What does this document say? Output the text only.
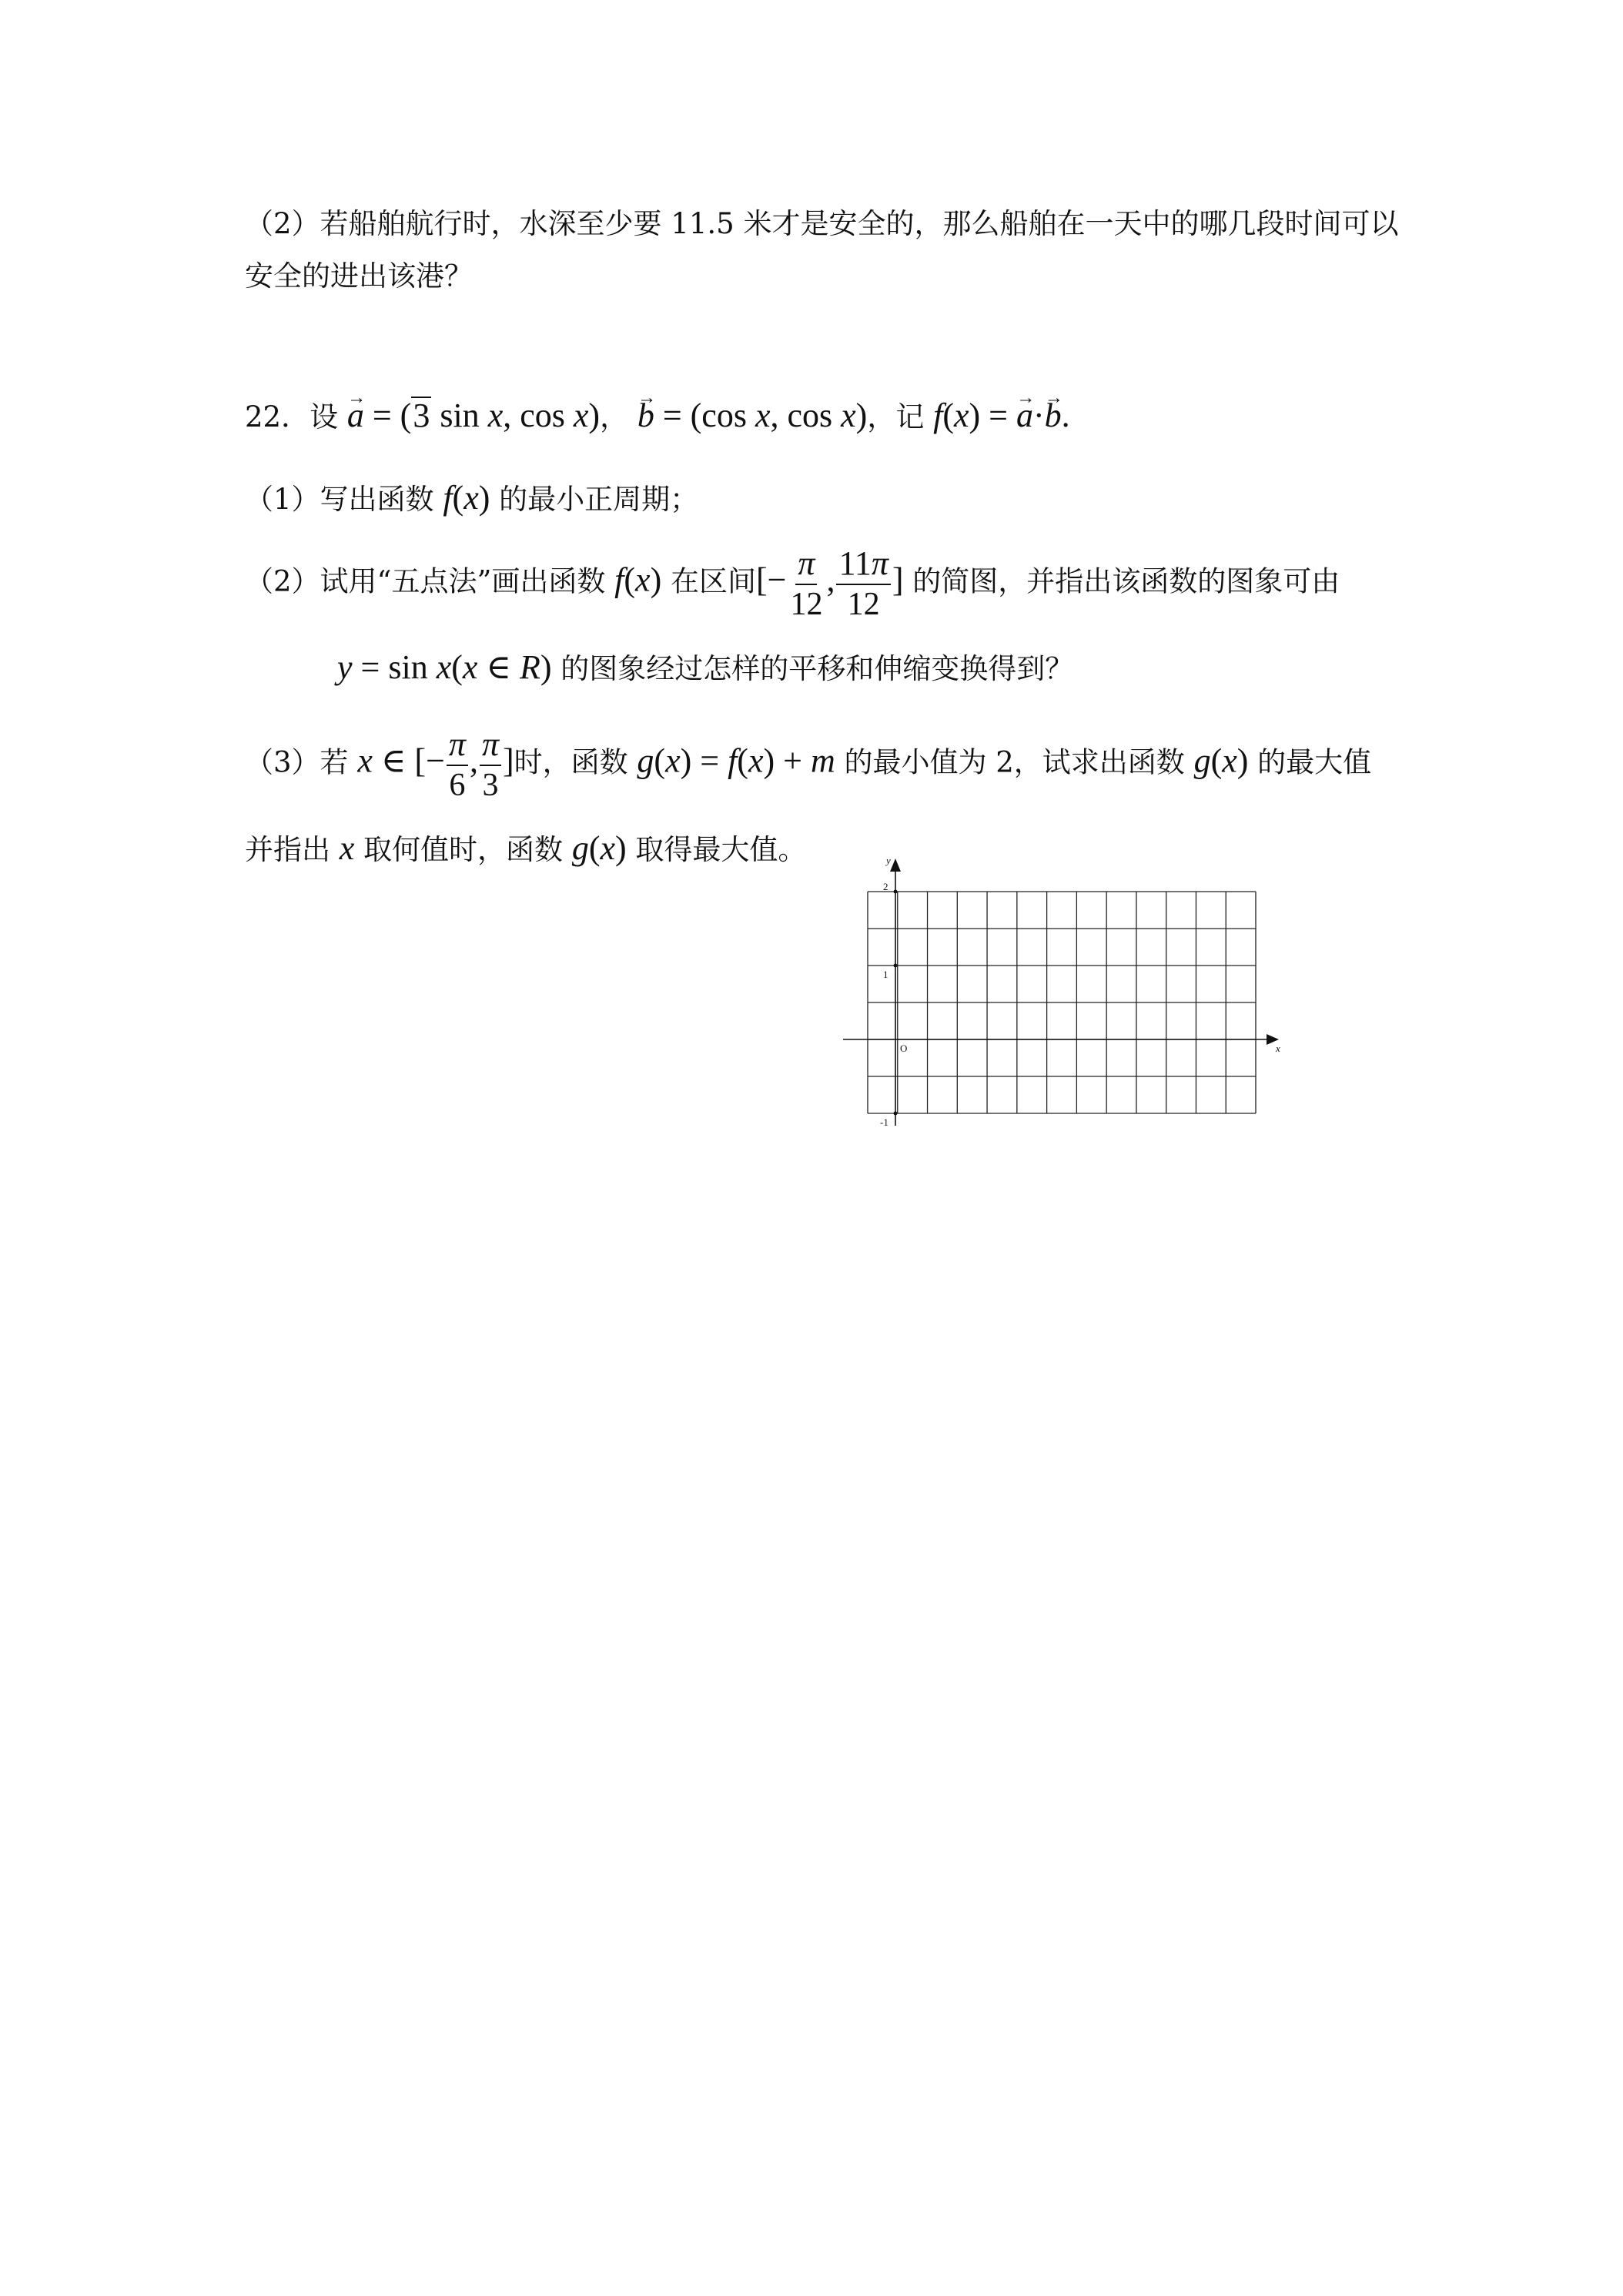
（2）若船舶航行时，水深至少要 11.5 米才是安全的，那么船舶在一天中的哪几段时间可以
安全的进出该港？
22．设 → a = (3 sin x, cos x)， → b = (cos x, cos x)，记 f(x) = → a·→ b.
（1）写出函数 f(x) 的最小正周期；
（2）试用“五点法”画出函数 f(x) 在区间[− $\frac{\pi}{12}$ , $\frac{11\pi}{12}$ ] 的简图，并指出该函数的图象可由
y = sin x(x ∈ R) 的图象经过怎样的平移和伸缩变换得到？
（3）若 x ∈ [− $\frac{\pi}{6}$ , $\frac{\pi}{3}$ ]时，函数 g(x) = f(x) + m 的最小值为 2，试求出函数 g(x) 的最大值
并指出 x 取何值时，函数 g(x) 取得最大值。	y
x
O
2
1
-1
